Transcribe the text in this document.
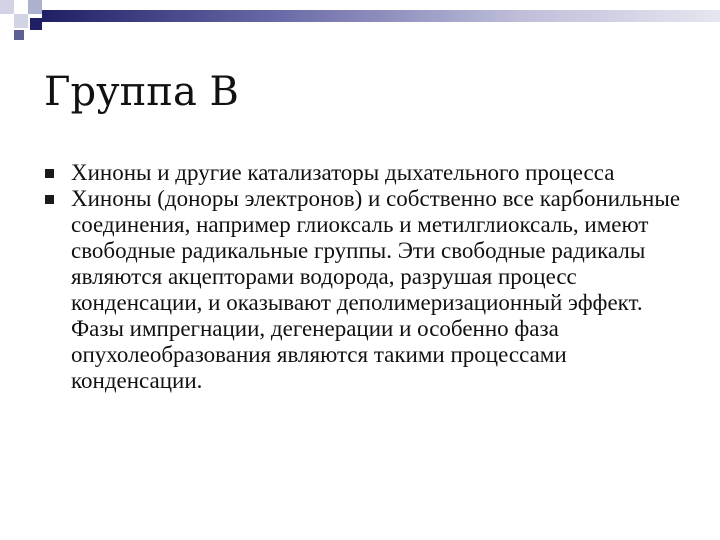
Группа В
Хиноны и другие катализаторы дыхательного процесса
Хиноны (доноры электронов) и собственно все карбонильные соединения, например глиоксаль и метилглиоксаль, имеют свободные радикальные группы. Эти свободные радикалы являются акцепторами водорода, разрушая процесс конденсации, и оказывают деполимеризационный эффект. Фазы импрегнации, дегенерации и особенно фаза опухолеобразования являются такими процессами конденсации.
